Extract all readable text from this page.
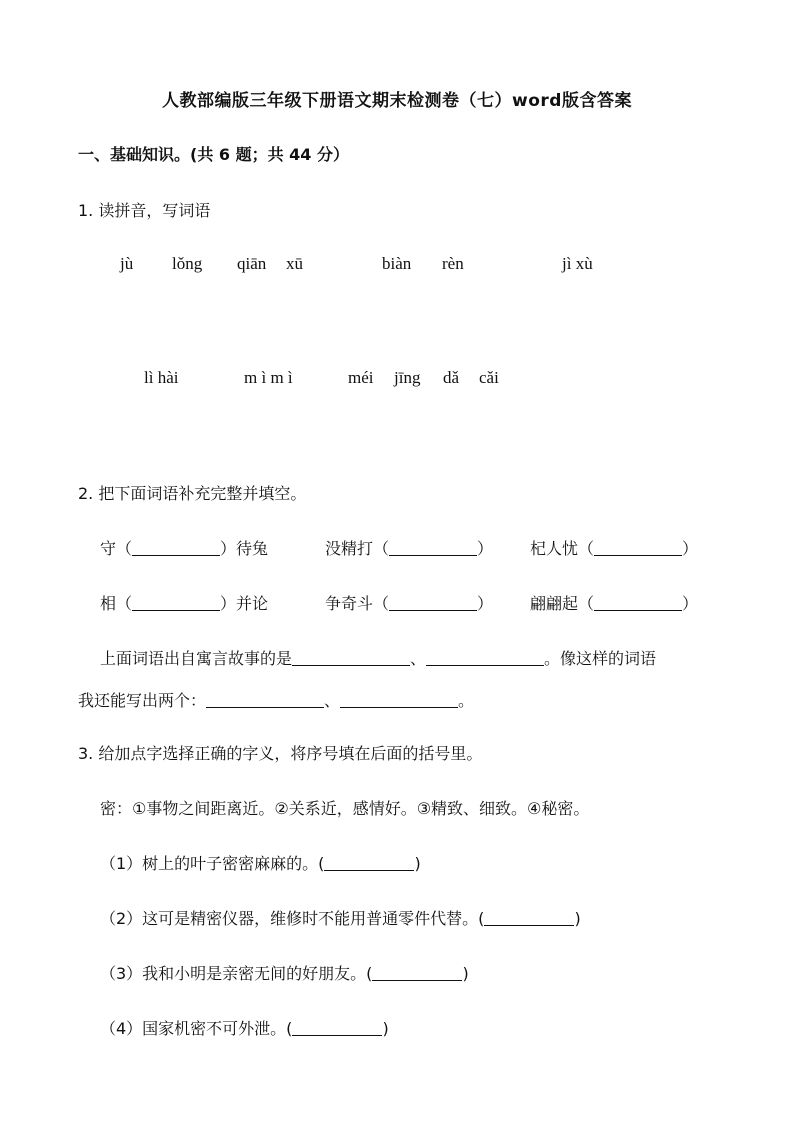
人教部编版三年级下册语文期末检测卷（七）word版含答案
一、基础知识。(共 6 题；共 44 分）
1. 读拼音，写词语
jù lǒng qiān xū	biàn rèn	jì xù
lì hài	m ì m ì	méi jīng dǎ cǎi
2. 把下面词语补充完整并填空。
守（	）待兔	没精打（	） 杞人忧（	）
相（	）并论	争奇斗（	） 翩翩起（	）
上面词语出自寓言故事的是	、	。像这样的词语
我还能写出两个：	、	。
3. 给加点字选择正确的字义，将序号填在后面的括号里。
密：①事物之间距离近。②关系近，感情好。③精致、细致。④秘密。
（1）树上的叶子密密麻麻的。(	)
（2）这可是精密仪器，维修时不能用普通零件代替。(	)
（3）我和小明是亲密无间的好朋友。(	)
（4）国家机密不可外泄。(	)
